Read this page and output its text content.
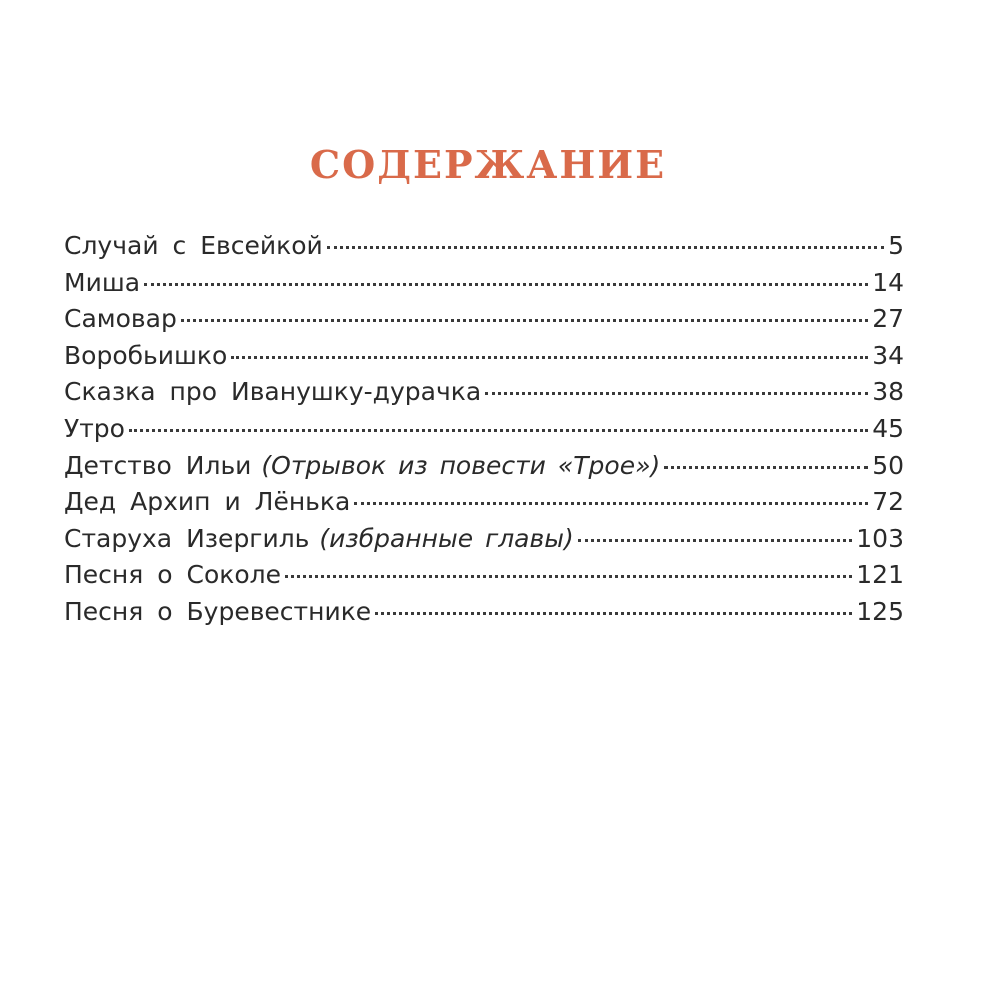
СОДЕРЖАНИЕ
Случай с Евсейкой	5
Миша	14
Самовар	27
Воробьишко	34
Сказка про Иванушку-дурачка	38
Утро	45
Детство Ильи (Отрывок из повести «Трое»)	50
Дед Архип и Лёнька	72
Старуха Изергиль (избранные главы)	103
Песня о Соколе	121
Песня о Буревестнике	125
